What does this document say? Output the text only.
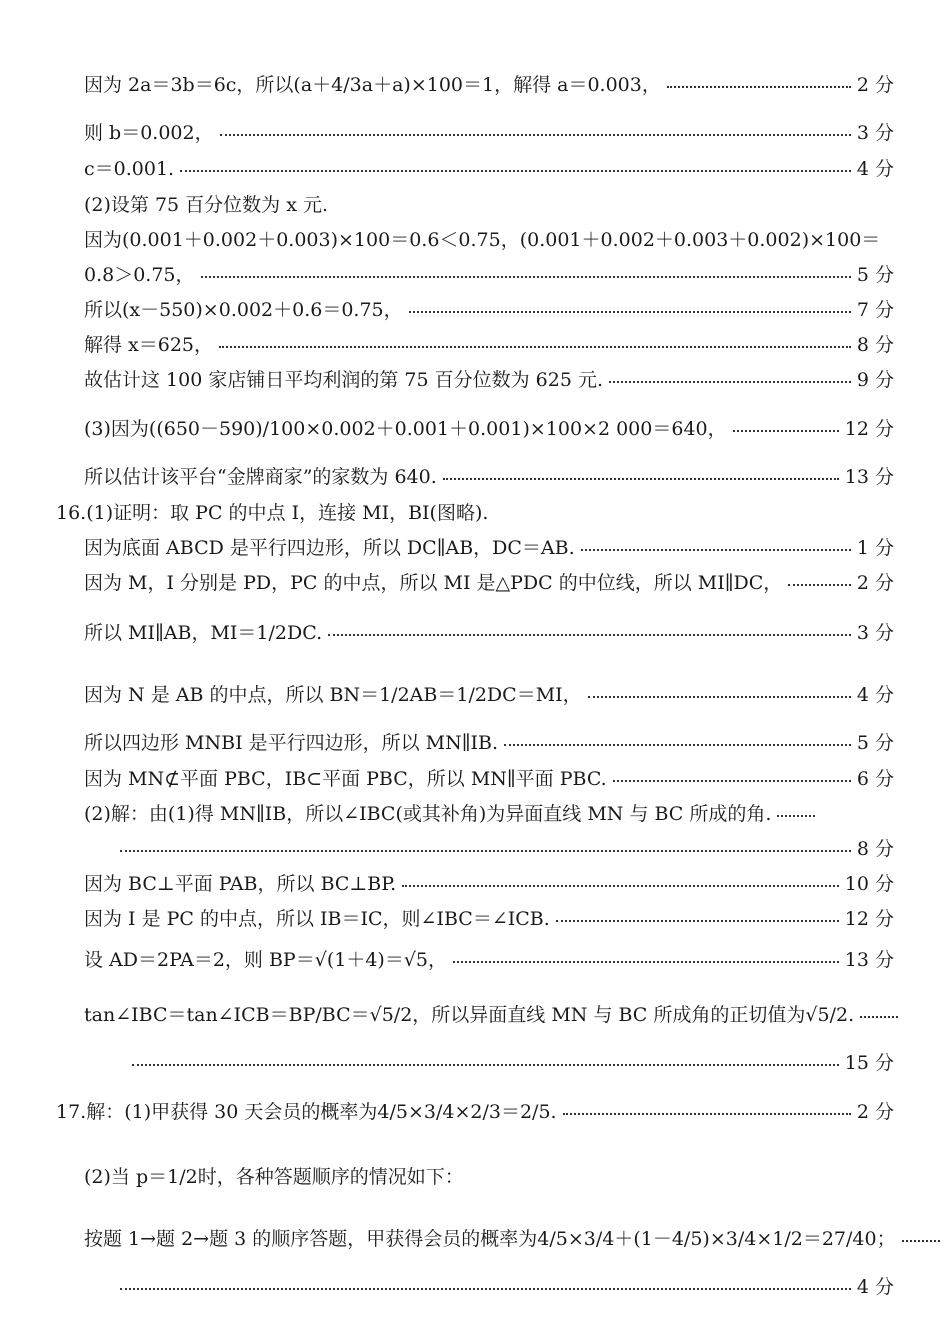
因为 2a＝3b＝6c，所以(a＋4/3a＋a)×100＝1，解得 a＝0.003，	2 分
则 b＝0.002，	3 分
c＝0.001.	4 分
(2)设第 75 百分位数为 x 元.
因为(0.001＋0.002＋0.003)×100＝0.6＜0.75，(0.001＋0.002＋0.003＋0.002)×100＝
0.8＞0.75，	5 分
所以(x－550)×0.002＋0.6＝0.75，	7 分
解得 x＝625，	8 分
故估计这 100 家店铺日平均利润的第 75 百分位数为 625 元.	9 分
(3)因为((650－590)/100×0.002＋0.001＋0.001)×100×2 000＝640，	12 分
所以估计该平台“金牌商家”的家数为 640.	13 分
16.(1)证明：取 PC 的中点 I，连接 MI，BI(图略).
因为底面 ABCD 是平行四边形，所以 DC∥AB，DC＝AB.	1 分
因为 M，I 分别是 PD，PC 的中点，所以 MI 是△PDC 的中位线，所以 MI∥DC，	2 分
所以 MI∥AB，MI＝1/2DC.	3 分
因为 N 是 AB 的中点，所以 BN＝1/2AB＝1/2DC＝MI，	4 分
所以四边形 MNBI 是平行四边形，所以 MN∥IB.	5 分
因为 MN⊄平面 PBC，IB⊂平面 PBC，所以 MN∥平面 PBC.	6 分
(2)解：由(1)得 MN∥IB，所以∠IBC(或其补角)为异面直线 MN 与 BC 所成的角.
8 分
因为 BC⊥平面 PAB，所以 BC⊥BP.	10 分
因为 I 是 PC 的中点，所以 IB＝IC，则∠IBC＝∠ICB.	12 分
设 AD＝2PA＝2，则 BP＝√(1＋4)＝√5，	13 分
tan∠IBC＝tan∠ICB＝BP/BC＝√5/2，所以异面直线 MN 与 BC 所成角的正切值为√5/2.
15 分
17.解：(1)甲获得 30 天会员的概率为4/5×3/4×2/3＝2/5.	2 分
(2)当 p＝1/2时，各种答题顺序的情况如下：
按题 1→题 2→题 3 的顺序答题，甲获得会员的概率为4/5×3/4＋(1－4/5)×3/4×1/2＝27/40；
4 分
